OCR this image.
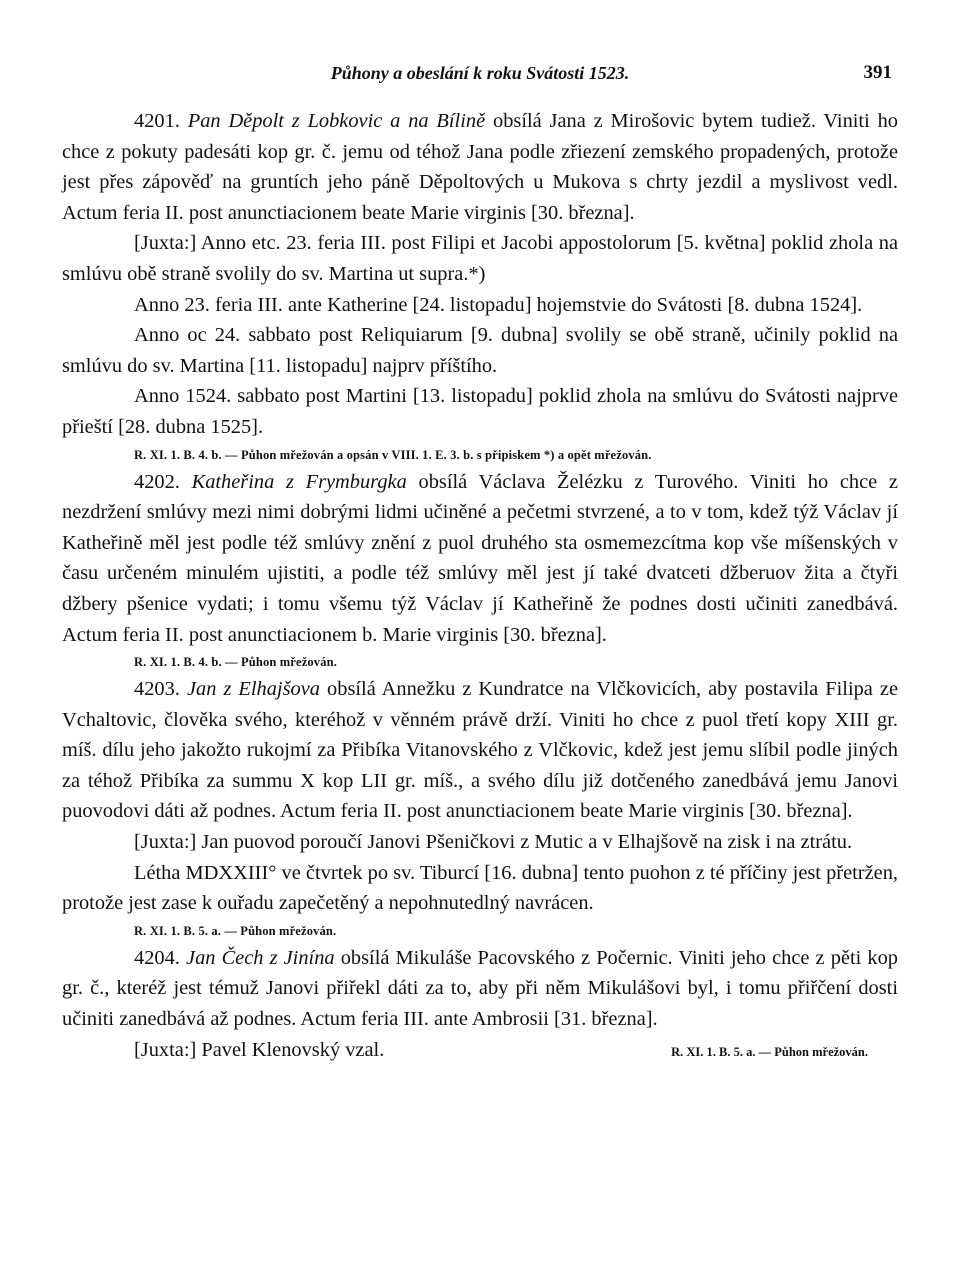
Půhony a obeslání k roku Svátosti 1523.	391

4201. Pan Děpolt z Lobkovic a na Bílině obsílá Jana z Mirošovic bytem tudiež. Viniti ho chce z pokuty padesáti kop gr. č. jemu od téhož Jana podle zřiezení zemského propadených, protože jest přes zápověď na gruntích jeho páně Děpoltových u Mukova s chrty jezdil a myslivost vedl. Actum feria II. post anunctiacionem beate Marie virginis [30. března].

[Juxta:] Anno etc. 23. feria III. post Filipi et Jacobi appostolorum [5. května] poklid zhola na smlúvu obě straně svolily do sv. Martina ut supra.*)

Anno 23. feria III. ante Katherine [24. listopadu] hojemstvie do Svátosti [8. dubna 1524].

Anno oc 24. sabbato post Reliquiarum [9. dubna] svolily se obě straně, učinily poklid na smlúvu do sv. Martina [11. listopadu] najprv příštího.

Anno 1524. sabbato post Martini [13. listopadu] poklid zhola na smlúvu do Svátosti najprve přieští [28. dubna 1525].

R. XI. 1. B. 4. b. — Půhon mřežován a opsán v VIII. 1. E. 3. b. s připiskem *) a opět mřežován.

4202. Katheřina z Frymburgka obsílá Václava Želézku z Turového. Viniti ho chce z nezdržení smlúvy mezi nimi dobrými lidmi učiněné a pečetmi stvrzené, a to v tom, kdež týž Václav jí Katheřině měl jest podle též smlúvy znění z puol druhého sta osmemezcítma kop vše míšenských v času určeném minulém ujistiti, a podle též smlúvy měl jest jí také dvatceti džberuov žita a čtyři džbery pšenice vydati; i tomu všemu týž Václav jí Katheřině že podnes dosti učiniti zanedbává. Actum feria II. post anunctiacionem b. Marie virginis [30. března].

R. XI. 1. B. 4. b. — Půhon mřežován.

4203. Jan z Elhajšova obsílá Annežku z Kundratce na Vlčkovicích, aby postavila Filipa ze Vchaltovic, člověka svého, kteréhož v věnném právě drží. Viniti ho chce z puol třetí kopy XIII gr. míš. dílu jeho jakožto rukojmí za Přibíka Vitanovského z Vlčkovic, kdež jest jemu slíbil podle jiných za téhož Přibíka za summu X kop LII gr. míš., a svého dílu již dotčeného zanedbává jemu Janovi puovodovi dáti až podnes. Actum feria II. post anunctiacionem beate Marie virginis [30. března].

[Juxta:] Jan puovod poroučí Janovi Pšeničkovi z Mutic a v Elhajšově na zisk i na ztrátu.

Létha MDXXIII° ve čtvrtek po sv. Tiburcí [16. dubna] tento puohon z té příčiny jest přetržen, protože jest zase k ouřadu zapečetěný a nepohnutedlný navrácen.

R. XI. 1. B. 5. a. — Půhon mřežován.

4204. Jan Čech z Jinína obsílá Mikuláše Pacovského z Počernic. Viniti jeho chce z pěti kop gr. č., kteréž jest témuž Janovi přiřekl dáti za to, aby při něm Mikulášovi byl, i tomu přiřčení dosti učiniti zanedbává až podnes. Actum feria III. ante Ambrosii [31. března].

[Juxta:] Pavel Klenovský vzal.	R. XI. 1. B. 5. a. — Půhon mřežován.
